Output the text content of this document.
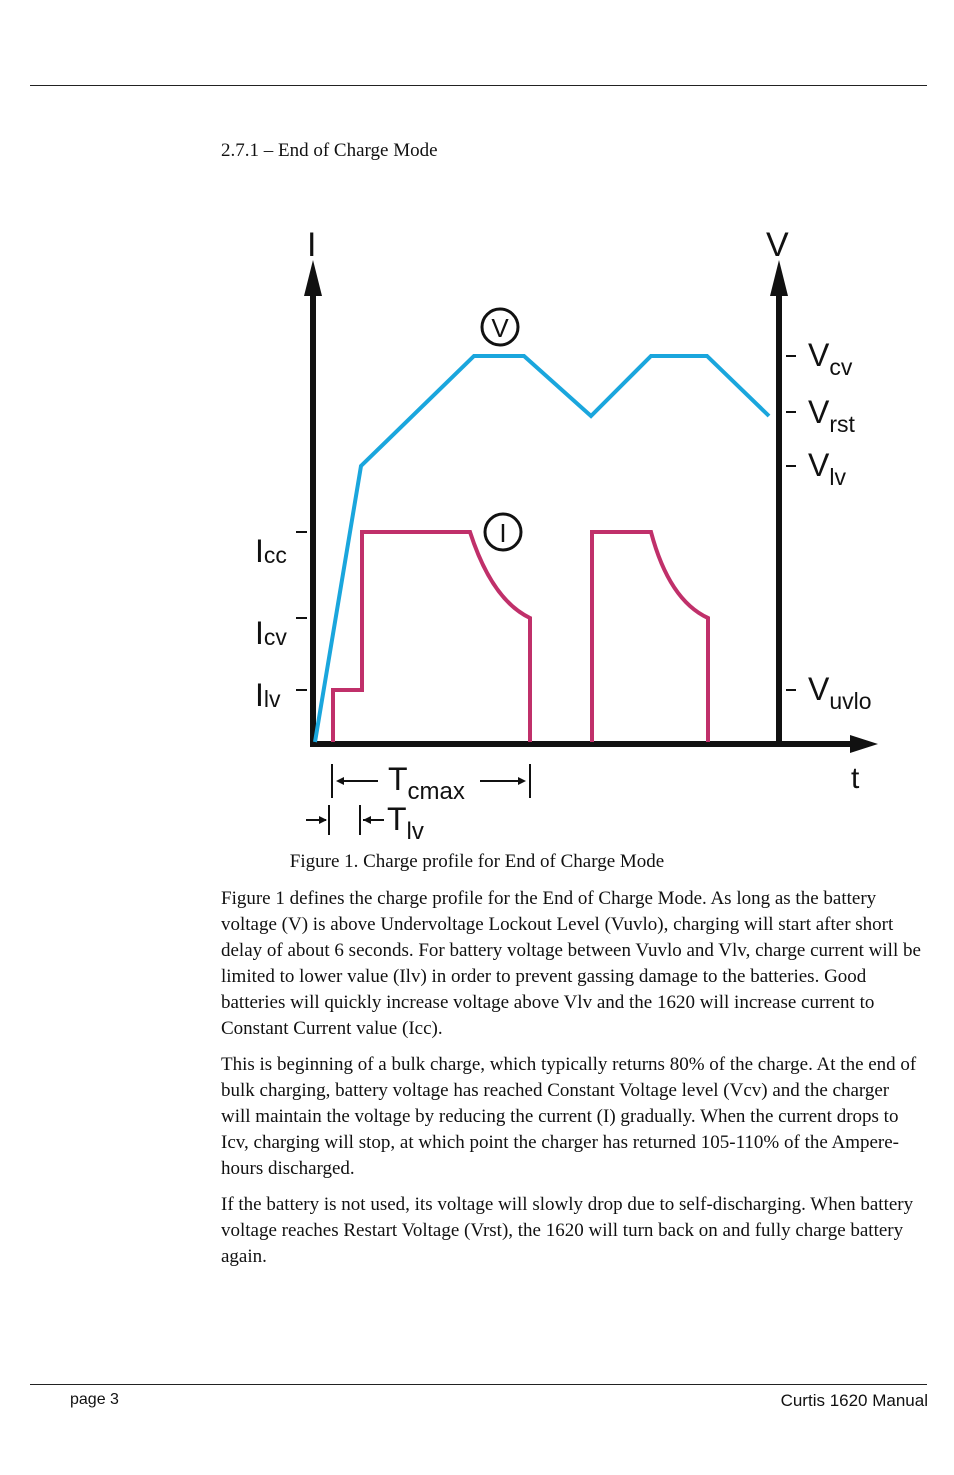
2.7.1 – End of Charge Mode
I	V
t
$V_{cv}$
$V_{rst}$
$V_{lv}$
$V_{uvlo}$
Icc
Icv
Ilv
V
I
$T_{cmax}$
$T_{lv}$
Figure 1. Charge profile for End of Charge Mode

Figure 1 defines the charge profile for the End of Charge Mode. As long as the battery voltage (V) is above Undervoltage Lockout Level (Vuvlo), charging will start after short delay of about 6 seconds. For battery voltage between Vuvlo and Vlv, charge current will be limited to lower value (Ilv) in order to prevent gassing damage to the batteries. Good batteries will quickly increase voltage above Vlv and the 1620 will increase current to Constant Current value (Icc).

This is beginning of a bulk charge, which typically returns 80% of the charge. At the end of bulk charging, battery voltage has reached Constant Voltage level (Vcv) and the charger will maintain the voltage by reducing the current (I) gradually. When the current drops to Icv, charging will stop, at which point the charger has returned 105-110% of the Ampere-hours discharged.

If the battery is not used, its voltage will slowly drop due to self-discharging. When battery voltage reaches Restart Voltage (Vrst), the 1620 will turn back on and fully charge battery again.

page 3	Curtis 1620 Manual
